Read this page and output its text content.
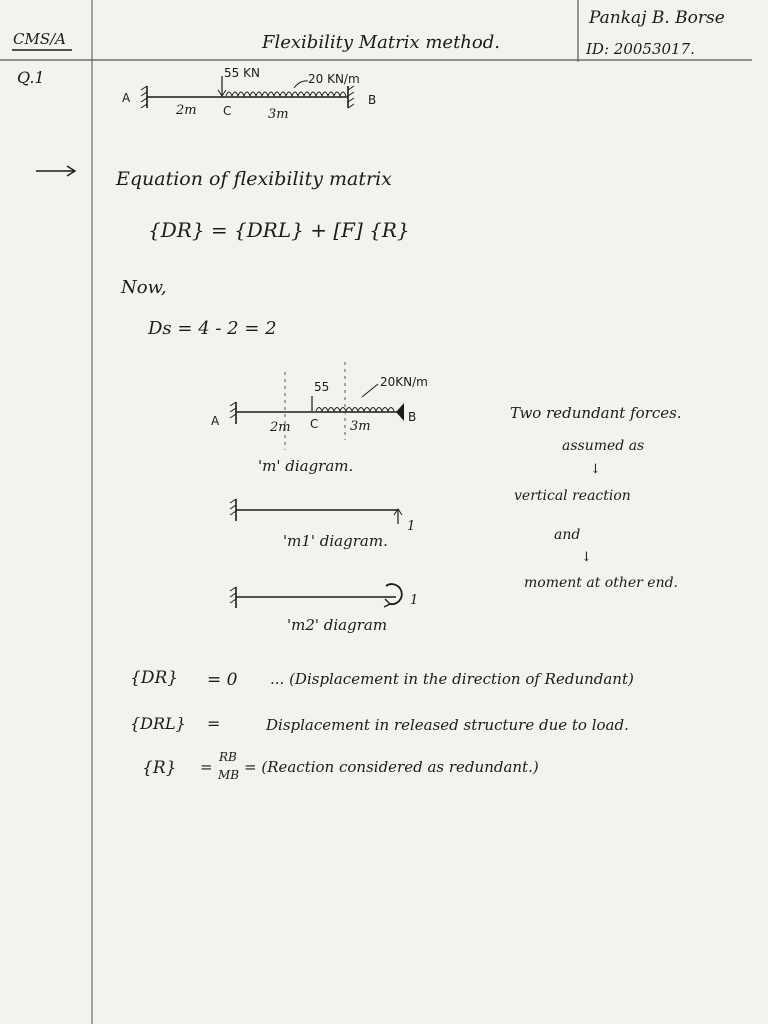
CMS/A	Flexibility Matrix method.
Pankaj B. Borse
ID: 20053017.
Q.1
A	B
C
55 KN	20 KN/m
2m	3m
Equation of flexibility matrix
{DR} = {DRL} + [F] {R}
Now,
Ds = 4 - 2 = 2
A	B
C
55	20KN/m
2m	3m
'm' diagram.
1
'm1' diagram.
1
'm2' diagram
Two redundant forces.
assumed as
↓
vertical reaction
and
↓
moment at other end.
{DR} = 0 ... (Displacement in the direction of Redundant)
{DRL} =	Displacement in released structure due to load.
{R} =
RB
MB = (Reaction considered as redundant.)
